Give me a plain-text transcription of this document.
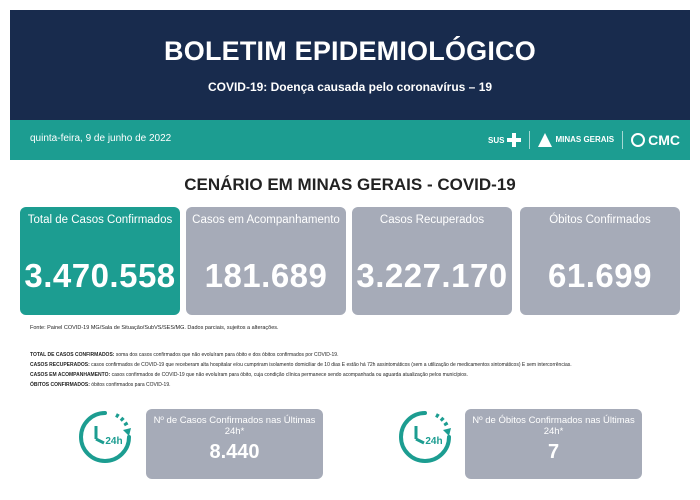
BOLETIM EPIDEMIOLÓGICO
COVID-19: Doença causada pelo coronavírus – 19
quinta-feira, 9 de junho de 2022	SUS	MINAS GERAIS CMC
CENÁRIO EM MINAS GERAIS - COVID-19
Total de Casos Confirmados
3.470.558
Casos em Acompanhamento
181.689
Casos Recuperados
3.227.170
Óbitos Confirmados
61.699
Fonte: Painel COVID-19 MG/Sala de Situação/SubVS/SES/MG. Dados parciais, sujeitos a alterações.
TOTAL DE CASOS CONFIRMADOS: soma dos casos confirmados que não evoluíram para óbito e dos óbitos confirmados por COVID-19.
CASOS RECUPERADOS: casos confirmados de COVID-19 que receberam alta hospitalar e/ou cumpriram isolamento domiciliar de 10 dias E estão há 72h assintomáticos (sem a utilização de medicamentos sintomáticos) E sem intercorrências.
CASOS EM ACOMPANHAMENTO: casos confirmados de COVID-19 que não evoluíram para óbito, cuja condição clínica permanece sendo acompanhada ou aguarda atualização pelos municípios.
ÓBITOS CONFIRMADOS: óbitos confirmados para COVID-19.
24h
Nº de Casos Confirmados nas Últimas 24h*
8.440	24h
Nº de Óbitos Confirmados nas Últimas 24h*
7
